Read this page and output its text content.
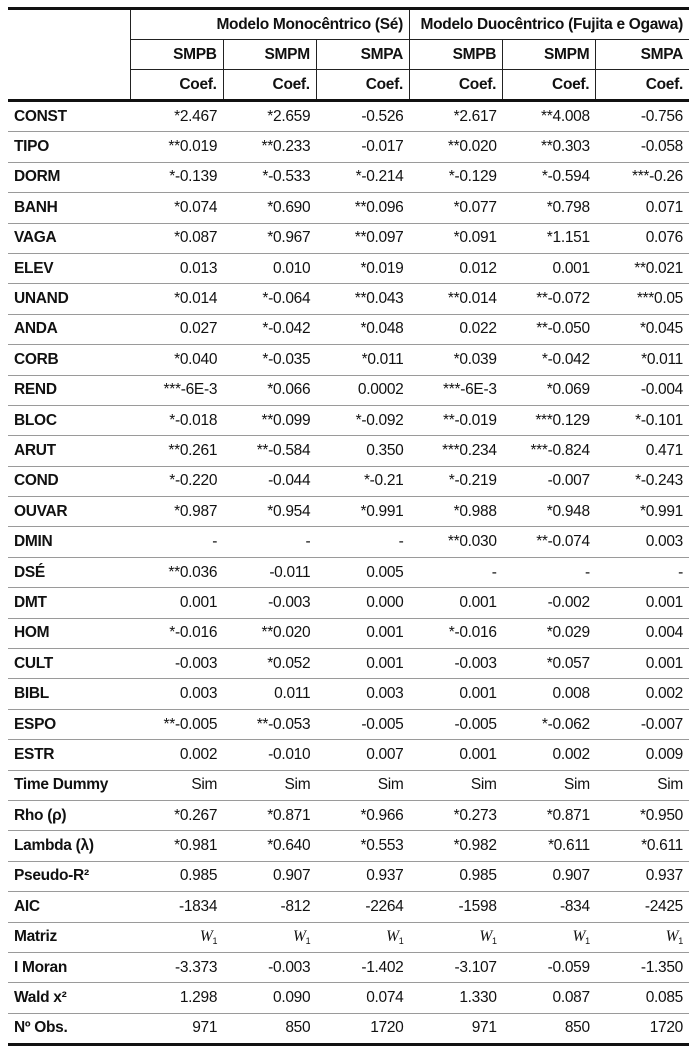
	Modelo Monocêntrico (Sé)			Modelo Duocêntrico (Fujita e Ogawa)		
	SMPB	SMPM	SMPA	SMPB	SMPM	SMPA
	Coef.	Coef.	Coef.	Coef.	Coef.	Coef.
CONST	*2.467	*2.659	-0.526	*2.617	**4.008	-0.756
TIPO	**0.019	**0.233	-0.017	**0.020	**0.303	-0.058
DORM	*-0.139	*-0.533	*-0.214	*-0.129	*-0.594	***-0.26
BANH	*0.074	*0.690	**0.096	*0.077	*0.798	0.071
VAGA	*0.087	*0.967	**0.097	*0.091	*1.151	0.076
ELEV	0.013	0.010	*0.019	0.012	0.001	**0.021
UNAND	*0.014	*-0.064	**0.043	**0.014	**-0.072	***0.05
ANDA	0.027	*-0.042	*0.048	0.022	**-0.050	*0.045
CORB	*0.040	*-0.035	*0.011	*0.039	*-0.042	*0.011
REND	***-6E-3	*0.066	0.0002	***-6E-3	*0.069	-0.004
BLOC	*-0.018	**0.099	*-0.092	**-0.019	***0.129	*-0.101
ARUT	**0.261	**-0.584	0.350	***0.234	***-0.824	0.471
COND	*-0.220	-0.044	*-0.21	*-0.219	-0.007	*-0.243
OUVAR	*0.987	*0.954	*0.991	*0.988	*0.948	*0.991
DMIN	-	-	-	**0.030	**-0.074	0.003
DSÉ	**0.036	-0.011	0.005	-	-	-
DMT	0.001	-0.003	0.000	0.001	-0.002	0.001
HOM	*-0.016	**0.020	0.001	*-0.016	*0.029	0.004
CULT	-0.003	*0.052	0.001	-0.003	*0.057	0.001
BIBL	0.003	0.011	0.003	0.001	0.008	0.002
ESPO	**-0.005	**-0.053	-0.005	-0.005	*-0.062	-0.007
ESTR	0.002	-0.010	0.007	0.001	0.002	0.009
Time Dummy	Sim	Sim	Sim	Sim	Sim	Sim
Rho (ρ)	*0.267	*0.871	*0.966	*0.273	*0.871	*0.950
Lambda (λ)	*0.981	*0.640	*0.553	*0.982	*0.611	*0.611
Pseudo-R²	0.985	0.907	0.937	0.985	0.907	0.937
AIC	-1834	-812	-2264	-1598	-834	-2425
Matriz	$W_1$	$W_1$	$W_1$	$W_1$	$W_1$	$W_1$
I Moran	-3.373	-0.003	-1.402	-3.107	-0.059	-1.350
Wald x²	1.298	0.090	0.074	1.330	0.087	0.085
Nº Obs.	971	850	1720	971	850	1720
